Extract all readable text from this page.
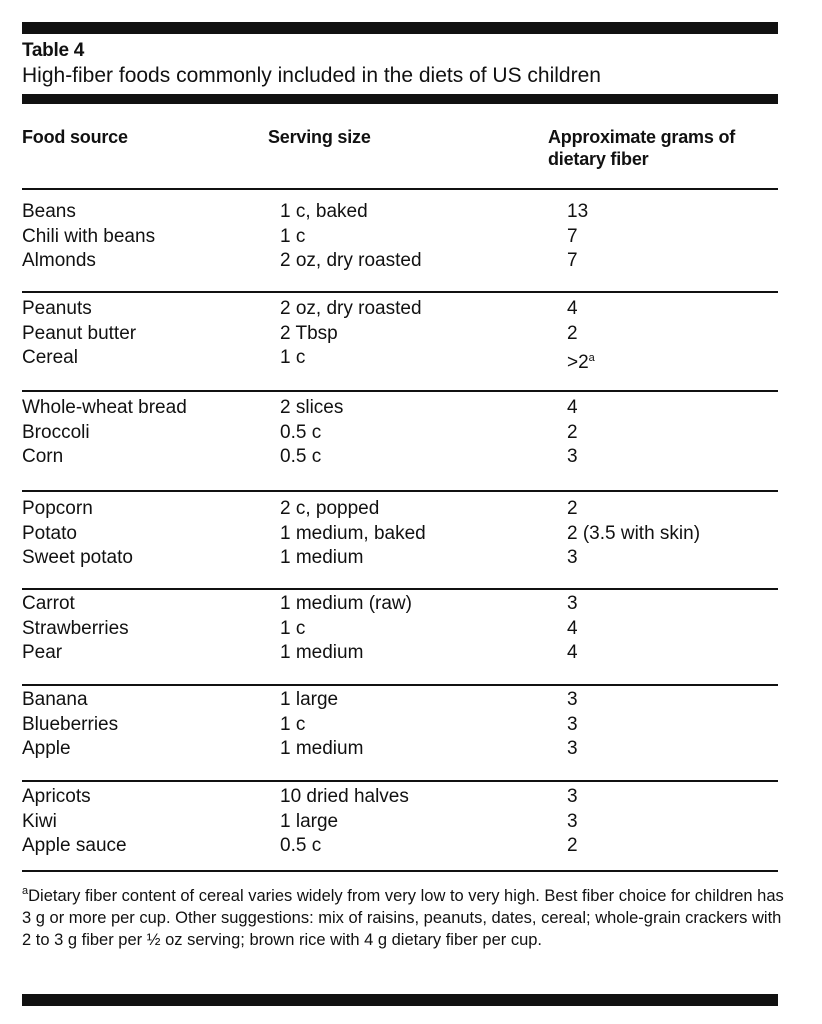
Table 4
High-fiber foods commonly included in the diets of US children
Food source	Serving size	Approximate grams of dietary fiber
Beans	1 c, baked	13
Chili with beans	1 c	7
Almonds	2 oz, dry roasted	7
Peanuts	2 oz, dry roasted	4
Peanut butter	2 Tbsp	2
Cereal	1 c	$>2^a$
Whole-wheat bread	2 slices	4
Broccoli	0.5 c	2
Corn	0.5 c	3
Popcorn	2 c, popped	2
Potato	1 medium, baked	2 (3.5 with skin)
Sweet potato	1 medium	3
Carrot	1 medium (raw)	3
Strawberries	1 c	4
Pear	1 medium	4
Banana	1 large	3
Blueberries	1 c	3
Apple	1 medium	3
Apricots	10 dried halves	3
Kiwi	1 large	3
Apple sauce	0.5 c	2
$^a$Dietary fiber content of cereal varies widely from very low to very high. Best fiber choice for children has 3 g or more per cup. Other suggestions: mix of raisins, peanuts, dates, cereal; whole-grain crackers with 2 to 3 g fiber per ½ oz serving; brown rice with 4 g dietary fiber per cup.
